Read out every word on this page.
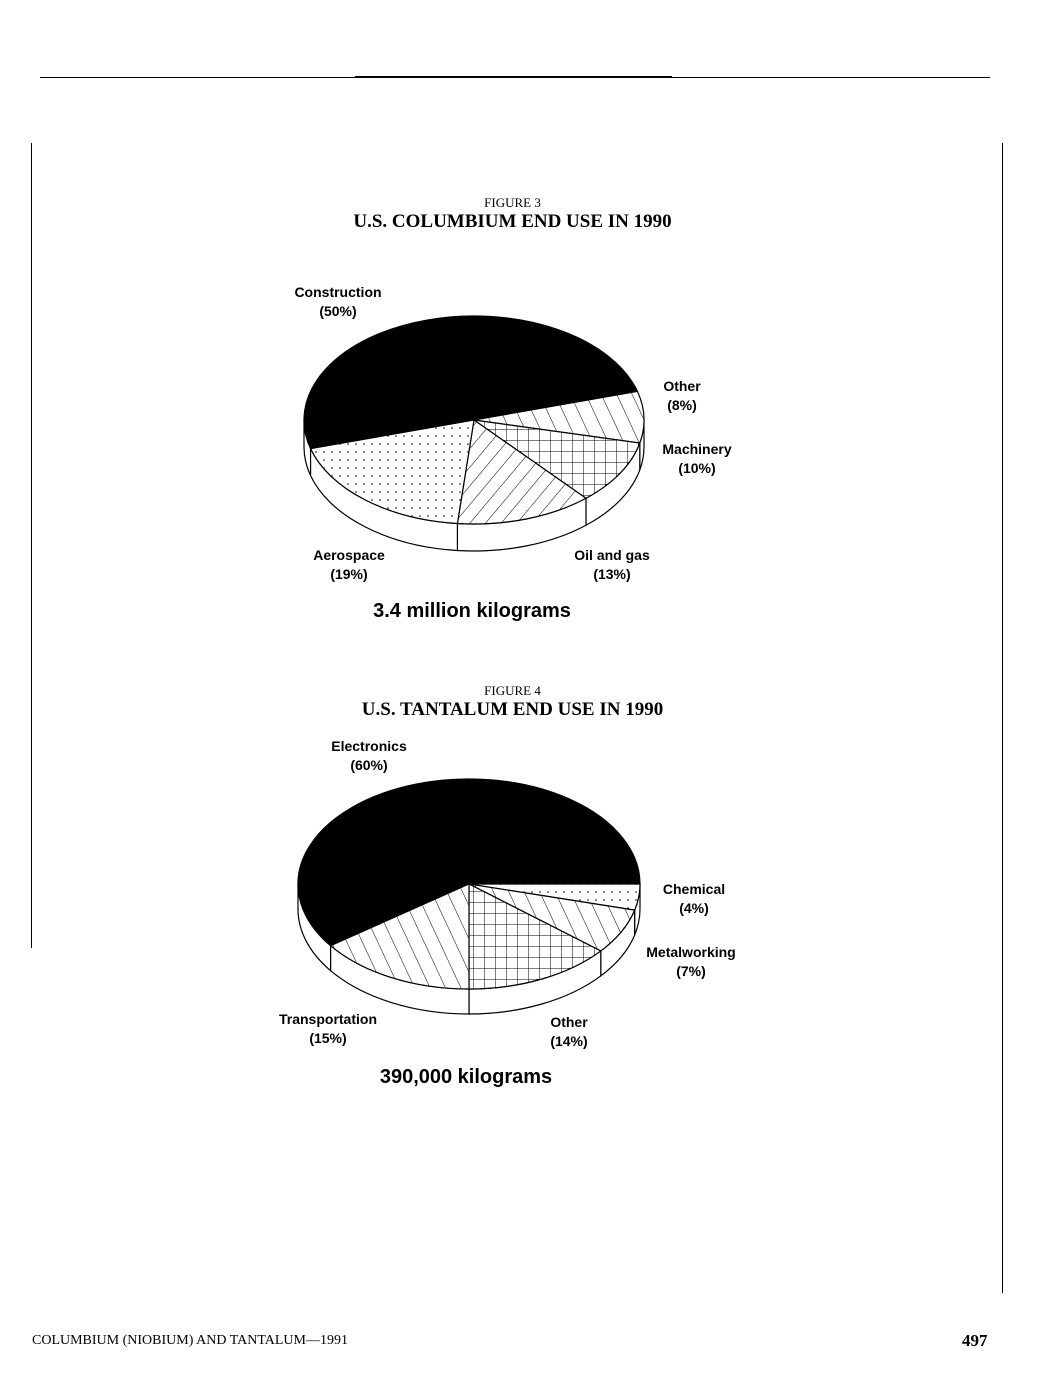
FIGURE 3
U.S. COLUMBIUM END USE IN 1990
Construction
(50%)
Other
(8%)
Machinery
(10%)
Oil and gas
(13%)
Aerospace
(19%)
3.4 million kilograms
FIGURE 4
U.S. TANTALUM END USE IN 1990
Electronics
(60%)
Chemical
(4%)
Metalworking
(7%)
Other
(14%)
Transportation
(15%)
390,000 kilograms
COLUMBIUM (NIOBIUM) AND TANTALUM—1991	497
